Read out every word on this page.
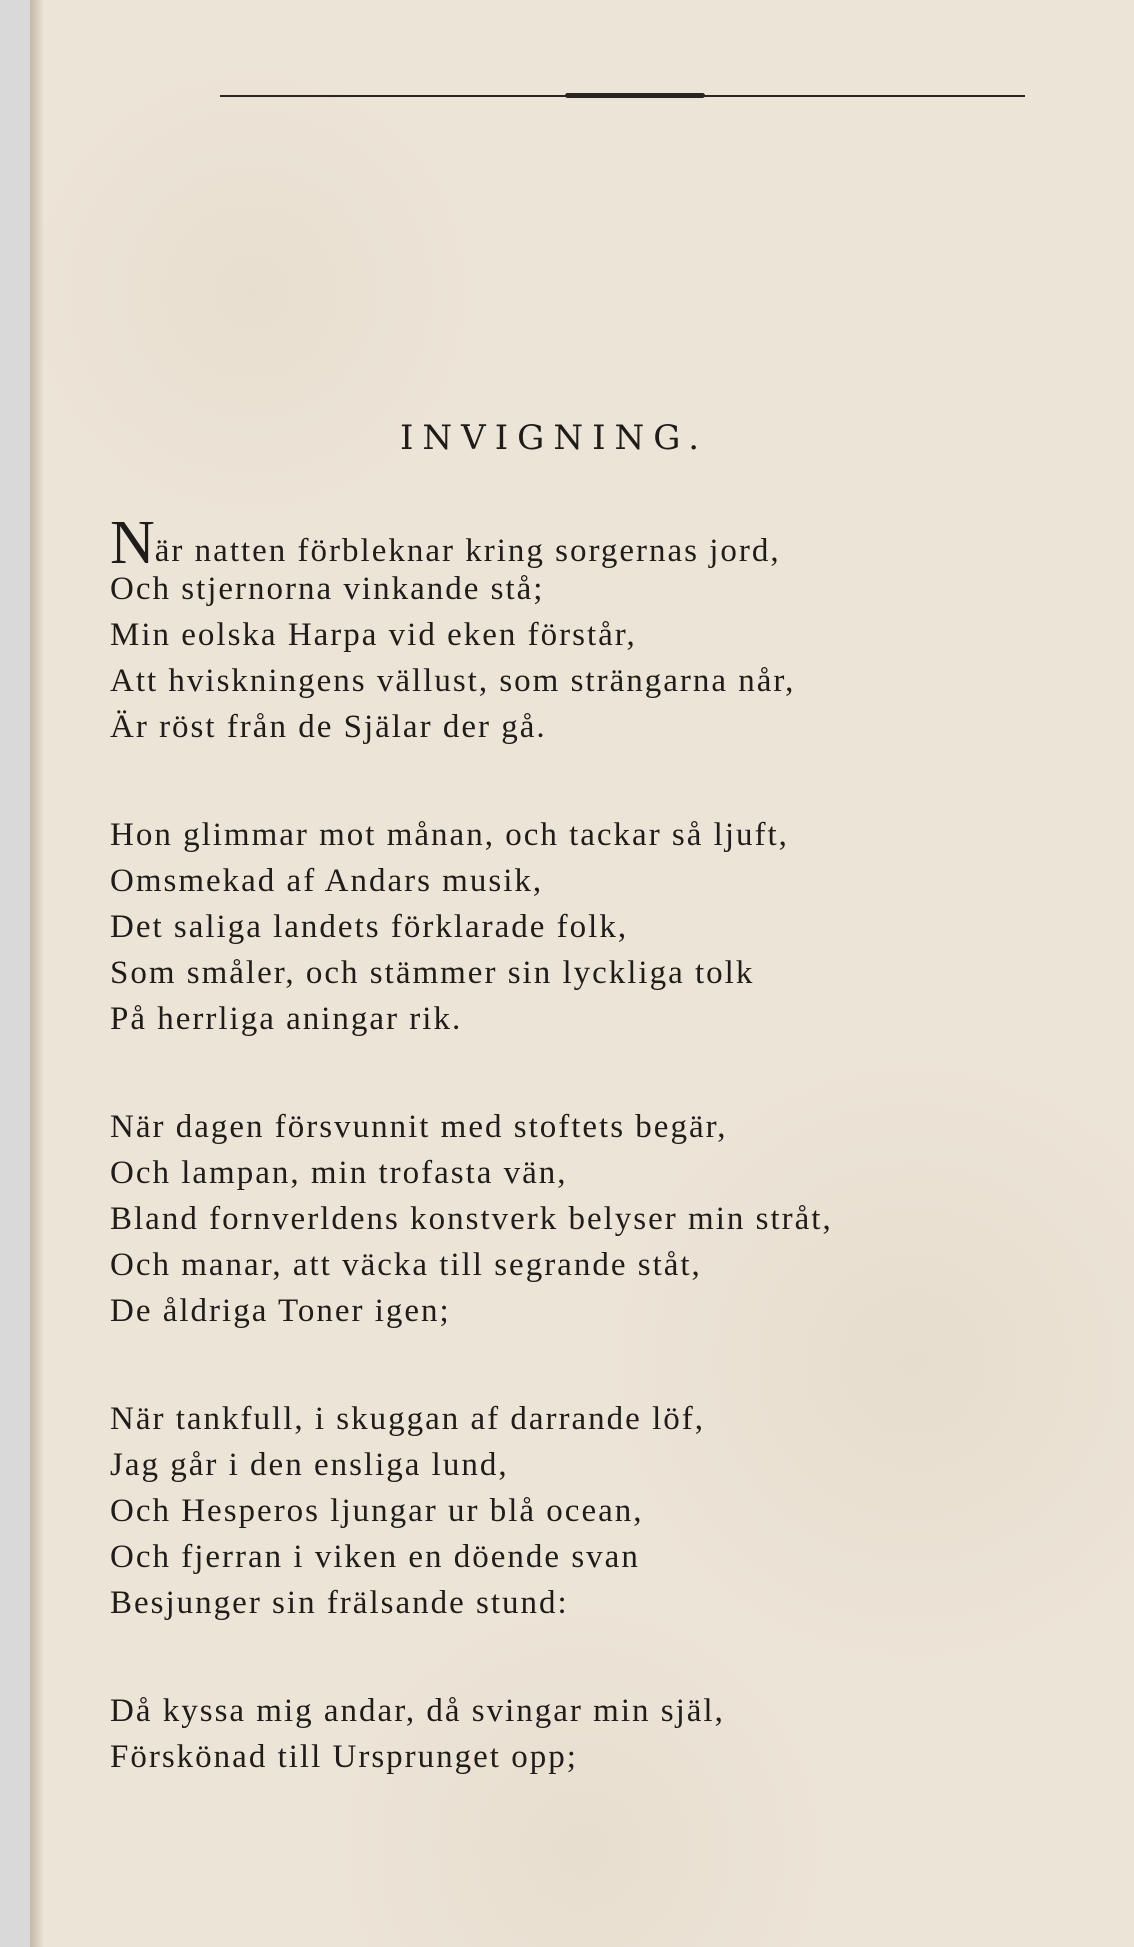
INVIGNING.
När natten förbleknar kring sorgernas jord,
Och stjernorna vinkande stå;
Min eolska Harpa vid eken förstår,
Att hviskningens vällust, som strängarna når,
Är röst från de Själar der gå.
Hon glimmar mot månan, och tackar så ljuft,
Omsmekad af Andars musik,
Det saliga landets förklarade folk,
Som småler, och stämmer sin lyckliga tolk
På herrliga aningar rik.
När dagen försvunnit med stoftets begär,
Och lampan, min trofasta vän,
Bland fornverldens konstverk belyser min stråt,
Och manar, att väcka till segrande ståt,
De åldriga Toner igen;
När tankfull, i skuggan af darrande löf,
Jag går i den ensliga lund,
Och Hesperos ljungar ur blå ocean,
Och fjerran i viken en döende svan
Besjunger sin frälsande stund:
Då kyssa mig andar, då svingar min själ,
Förskönad till Ursprunget opp;
